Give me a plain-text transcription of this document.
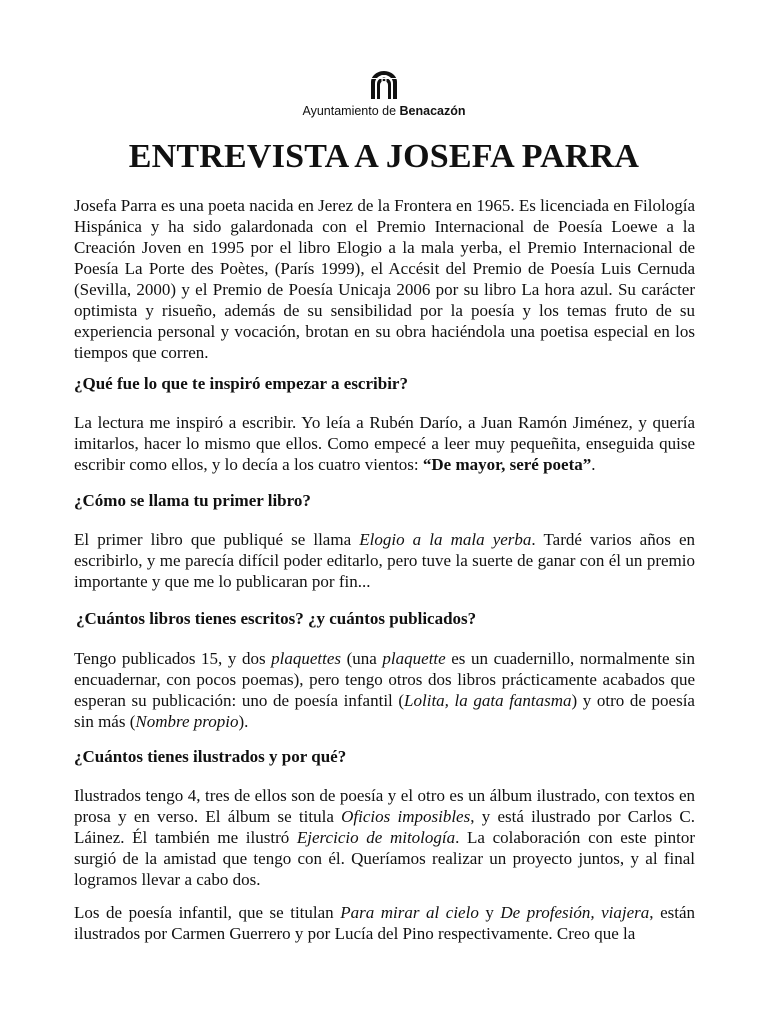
Ayuntamiento de Benacazón
ENTREVISTA A JOSEFA PARRA

Josefa Parra es una poeta nacida en Jerez de la Frontera en 1965. Es licenciada en Filología Hispánica y ha sido galardonada con el Premio Internacional de Poesía Loewe a la Creación Joven en 1995 por el libro Elogio a la mala yerba, el Premio Internacional de Poesía La Porte des Poètes, (París 1999), el Accésit del Premio de Poesía Luis Cernuda (Sevilla, 2000) y el Premio de Poesía Unicaja 2006 por su libro La hora azul. Su carácter optimista y risueño, además de su sensibilidad por la poesía y los temas fruto de su experiencia personal y vocación, brotan en su obra haciéndola una poetisa especial en los tiempos que corren.

¿Qué fue lo que te inspiró empezar a escribir?

La lectura me inspiró a escribir. Yo leía a Rubén Darío, a Juan Ramón Jiménez, y quería imitarlos, hacer lo mismo que ellos. Como empecé a leer muy pequeñita, enseguida quise escribir como ellos, y lo decía a los cuatro vientos: “De mayor, seré poeta”.

¿Cómo se llama tu primer libro?

El primer libro que publiqué se llama Elogio a la mala yerba. Tardé varios años en escribirlo, y me parecía difícil poder editarlo, pero tuve la suerte de ganar con él un premio importante y que me lo publicaran por fin...

¿Cuántos libros tienes escritos? ¿y cuántos publicados?

Tengo publicados 15, y dos plaquettes (una plaquette es un cuadernillo, normalmente sin encuadernar, con pocos poemas), pero tengo otros dos libros prácticamente acabados que esperan su publicación: uno de poesía infantil (Lolita, la gata fantasma) y otro de poesía sin más (Nombre propio).

¿Cuántos tienes ilustrados y por qué?

Ilustrados tengo 4, tres de ellos son de poesía y el otro es un álbum ilustrado, con textos en prosa y en verso. El álbum se titula Oficios imposibles, y está ilustrado por Carlos C. Láinez. Él también me ilustró Ejercicio de mitología. La colaboración con este pintor surgió de la amistad que tengo con él. Queríamos realizar un proyecto juntos, y al final logramos llevar a cabo dos.

Los de poesía infantil, que se titulan Para mirar al cielo y De profesión, viajera, están ilustrados por Carmen Guerrero y por Lucía del Pino respectivamente. Creo que la
